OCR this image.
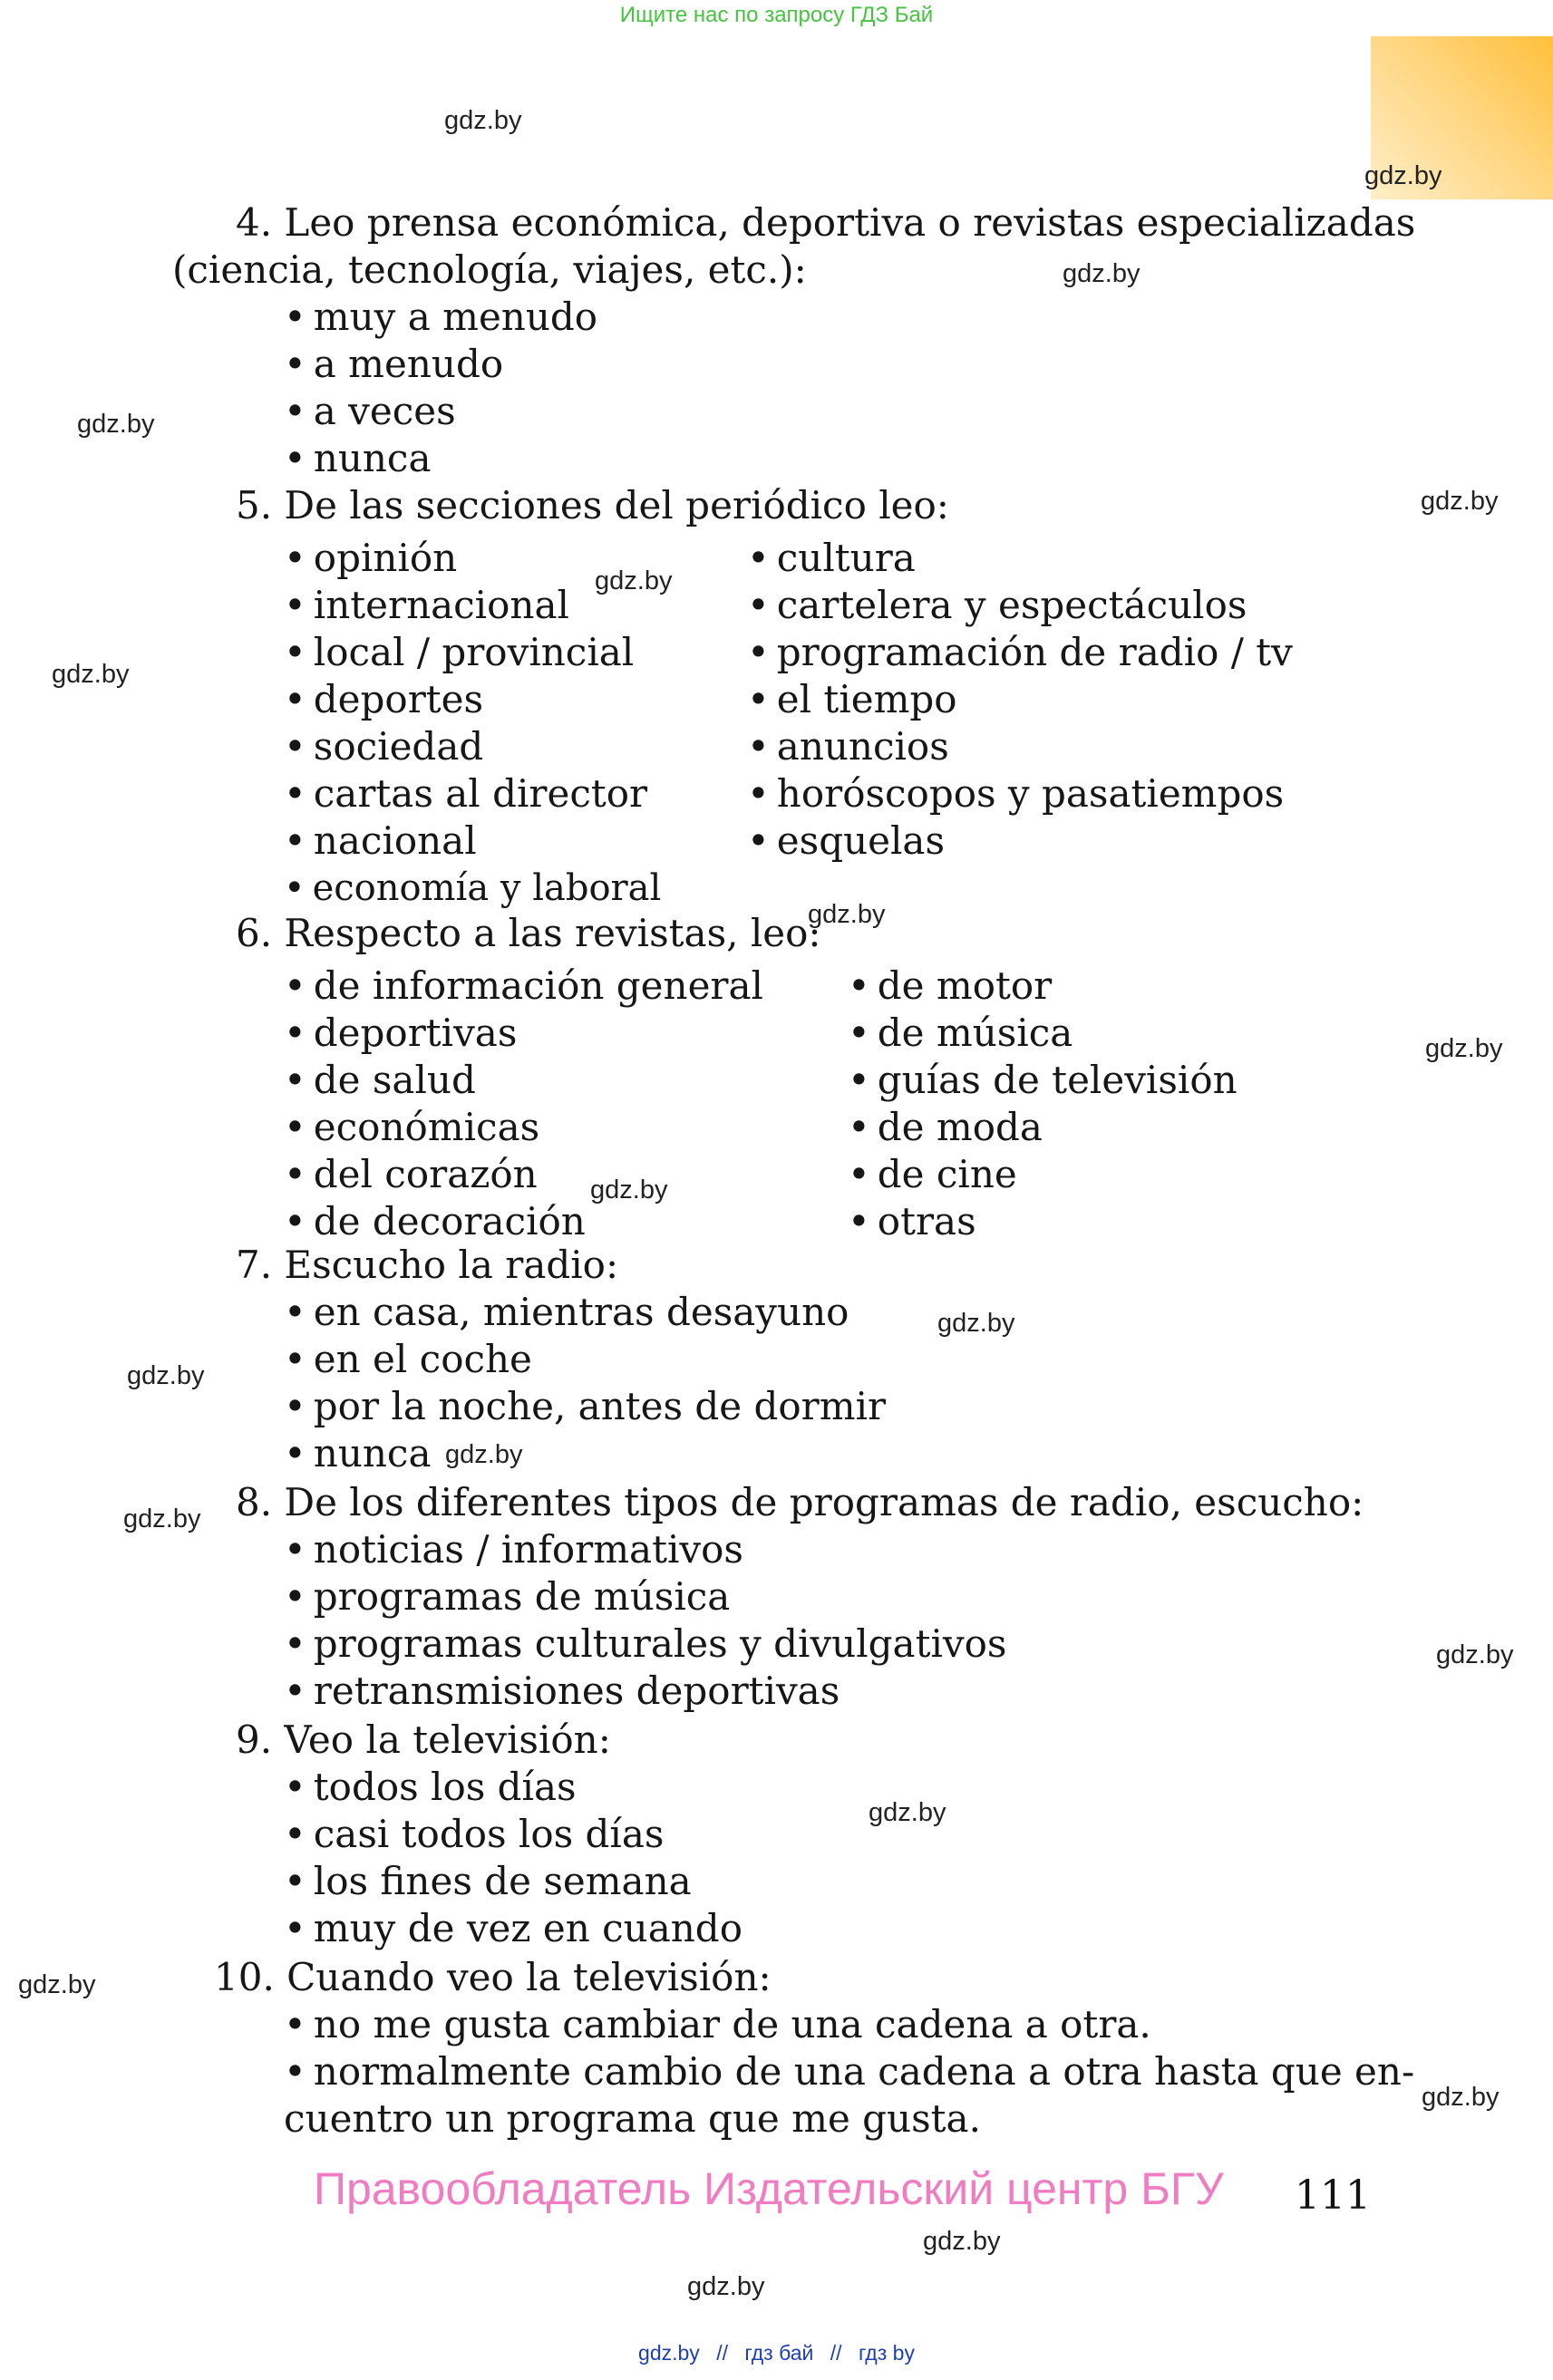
Ищите нас по запросу ГДЗ Бай
4. Leo prensa económica, deportiva o revistas especializadas
(ciencia, tecnología, viajes, etc.):
• muy a menudo
• a menudo
• a veces
• nunca
5. De las secciones del periódico leo:
• opinión
• internacional
• local / provincial
• deportes
• sociedad
• cartas al director
• nacional
• economía y laboral
• cultura
• cartelera y espectáculos
• programación de radio / tv
• el tiempo
• anuncios
• horóscopos y pasatiempos
• esquelas
6. Respecto a las revistas, leo:
• de información general
• deportivas
• de salud
• económicas
• del corazón
• de decoración
• de motor
• de música
• guías de televisión
• de moda
• de cine
• otras
7. Escucho la radio:
• en casa, mientras desayuno
• en el coche
• por la noche, antes de dormir
• nunca
8. De los diferentes tipos de programas de radio, escucho:
• noticias / informativos
• programas de música
• programas culturales y divulgativos
• retransmisiones deportivas
9. Veo la televisión:
• todos los días
• casi todos los días
• los fines de semana
• muy de vez en cuando
10. Cuando veo la televisión:
• no me gusta cambiar de una cadena a otra.
• normalmente cambio de una cadena a otra hasta que en-
cuentro un programa que me gusta.
Правообладатель Издательский центр БГУ 111
gdz.by
gdz.by
gdz.by
gdz.by
gdz.by
gdz.by
gdz.by
gdz.by
gdz.by
gdz.by
gdz.by
gdz.by
gdz.by
gdz.by
gdz.by
gdz.by
gdz.by
gdz.by
gdz.by
gdz.by
gdz.by // гдз бай // гдз by
